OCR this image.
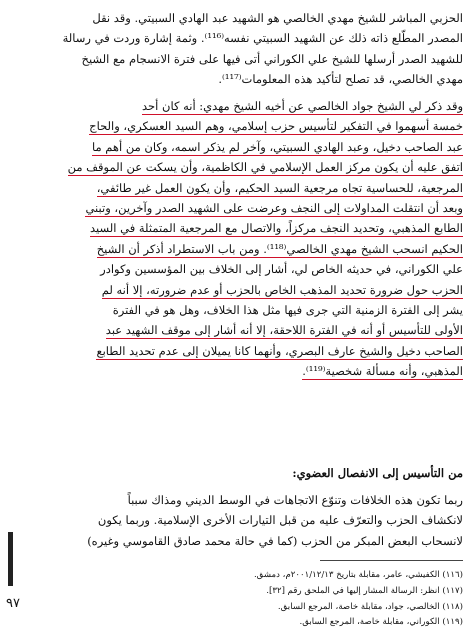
الحزبي المباشر للشيخ مهدي الخالصي هو الشهيد عبد الهادي السبيتي. وقد نقل
المصدر المطّلع ذاته ذلك عن الشهيد السبيتي نفسه⁽¹¹⁶⁾. وثمة إشارة وردت في رسالة
للشهيد الصدر أرسلها للشيخ علي الكوراني أتى فيها على فترة الانسجام مع الشيخ
مهدي الخالصي، قد تصلح لتأكيد هذه المعلومات⁽¹¹⁷⁾.
وقد ذكر لي الشيخ جواد الخالصي عن أخيه الشيخ مهدي: أنه كان أحد
خمسة أسهموا في التفكير لتأسيس حزب إسلامي، وهم السيد العسكري، والحاج
عبد الصاحب دخيل، وعبد الهادي السبيتي، وآخر لم يذكر اسمه، وكان من أهم ما
اتفق عليه أن يكون مركز العمل الإسلامي في الكاظمية، وأن يسكت عن الموقف من
المرجعية، للحساسية تجاه مرجعية السيد الحكيم، وأن يكون العمل غير طائفي،
وبعد أن انتقلت المداولات إلى النجف وعرضت على الشهيد الصدر وآخرين، وتبني
الطابع المذهبي، وتحديد النجف مركزاً، والاتصال مع المرجعية المتمثلة في السيد
الحكيم انسحب الشيخ مهدي الخالصي⁽¹¹⁸⁾. ومن باب الاستطراد أذكر أن الشيخ
علي الكوراني، في حديثه الخاص لي، أشار إلى الخلاف بين المؤسسين وكوادر
الحزب حول ضرورة تحديد المذهب الخاص بالحزب أو عدم ضرورته، إلا أنه لم
يشر إلى الفترة الزمنية التي جرى فيها مثل هذا الخلاف، وهل هو في الفترة
الأولى للتأسيس أو أنه في الفترة اللاحقة، إلا أنه أشار إلى موقف الشهيد عبد
الصاحب دخيل والشيخ عارف البصري، وأنهما كانا يميلان إلى عدم تحديد الطابع
المذهبي، وأنه مسألة شخصية⁽¹¹⁹⁾.
من التأسيس إلى الانفصال العضوي:
ربما تكون هذه الخلافات وتنوّع الاتجاهات في الوسط الديني ومذاك سبباً
لانكشاف الحزب والتعرّف عليه من قبل التيارات الأخرى الإسلامية. وربما يكون
لانسحاب البعض المبكر من الحزب (كما في حالة محمد صادق القاموسي وغيره)
(١١٦) الكفيشي، عامر، مقابلة بتاريخ ٢٠٠١/١٢/١٣م، دمشق.
(١١٧) انظر: الرسالة المشار إليها في الملحق رقم [٣٢].
(١١٨) الخالصي، جواد، مقابلة خاصة، المرجع السابق.
(١١٩) الكوراني، مقابلة خاصة، المرجع السابق.
٩٧
